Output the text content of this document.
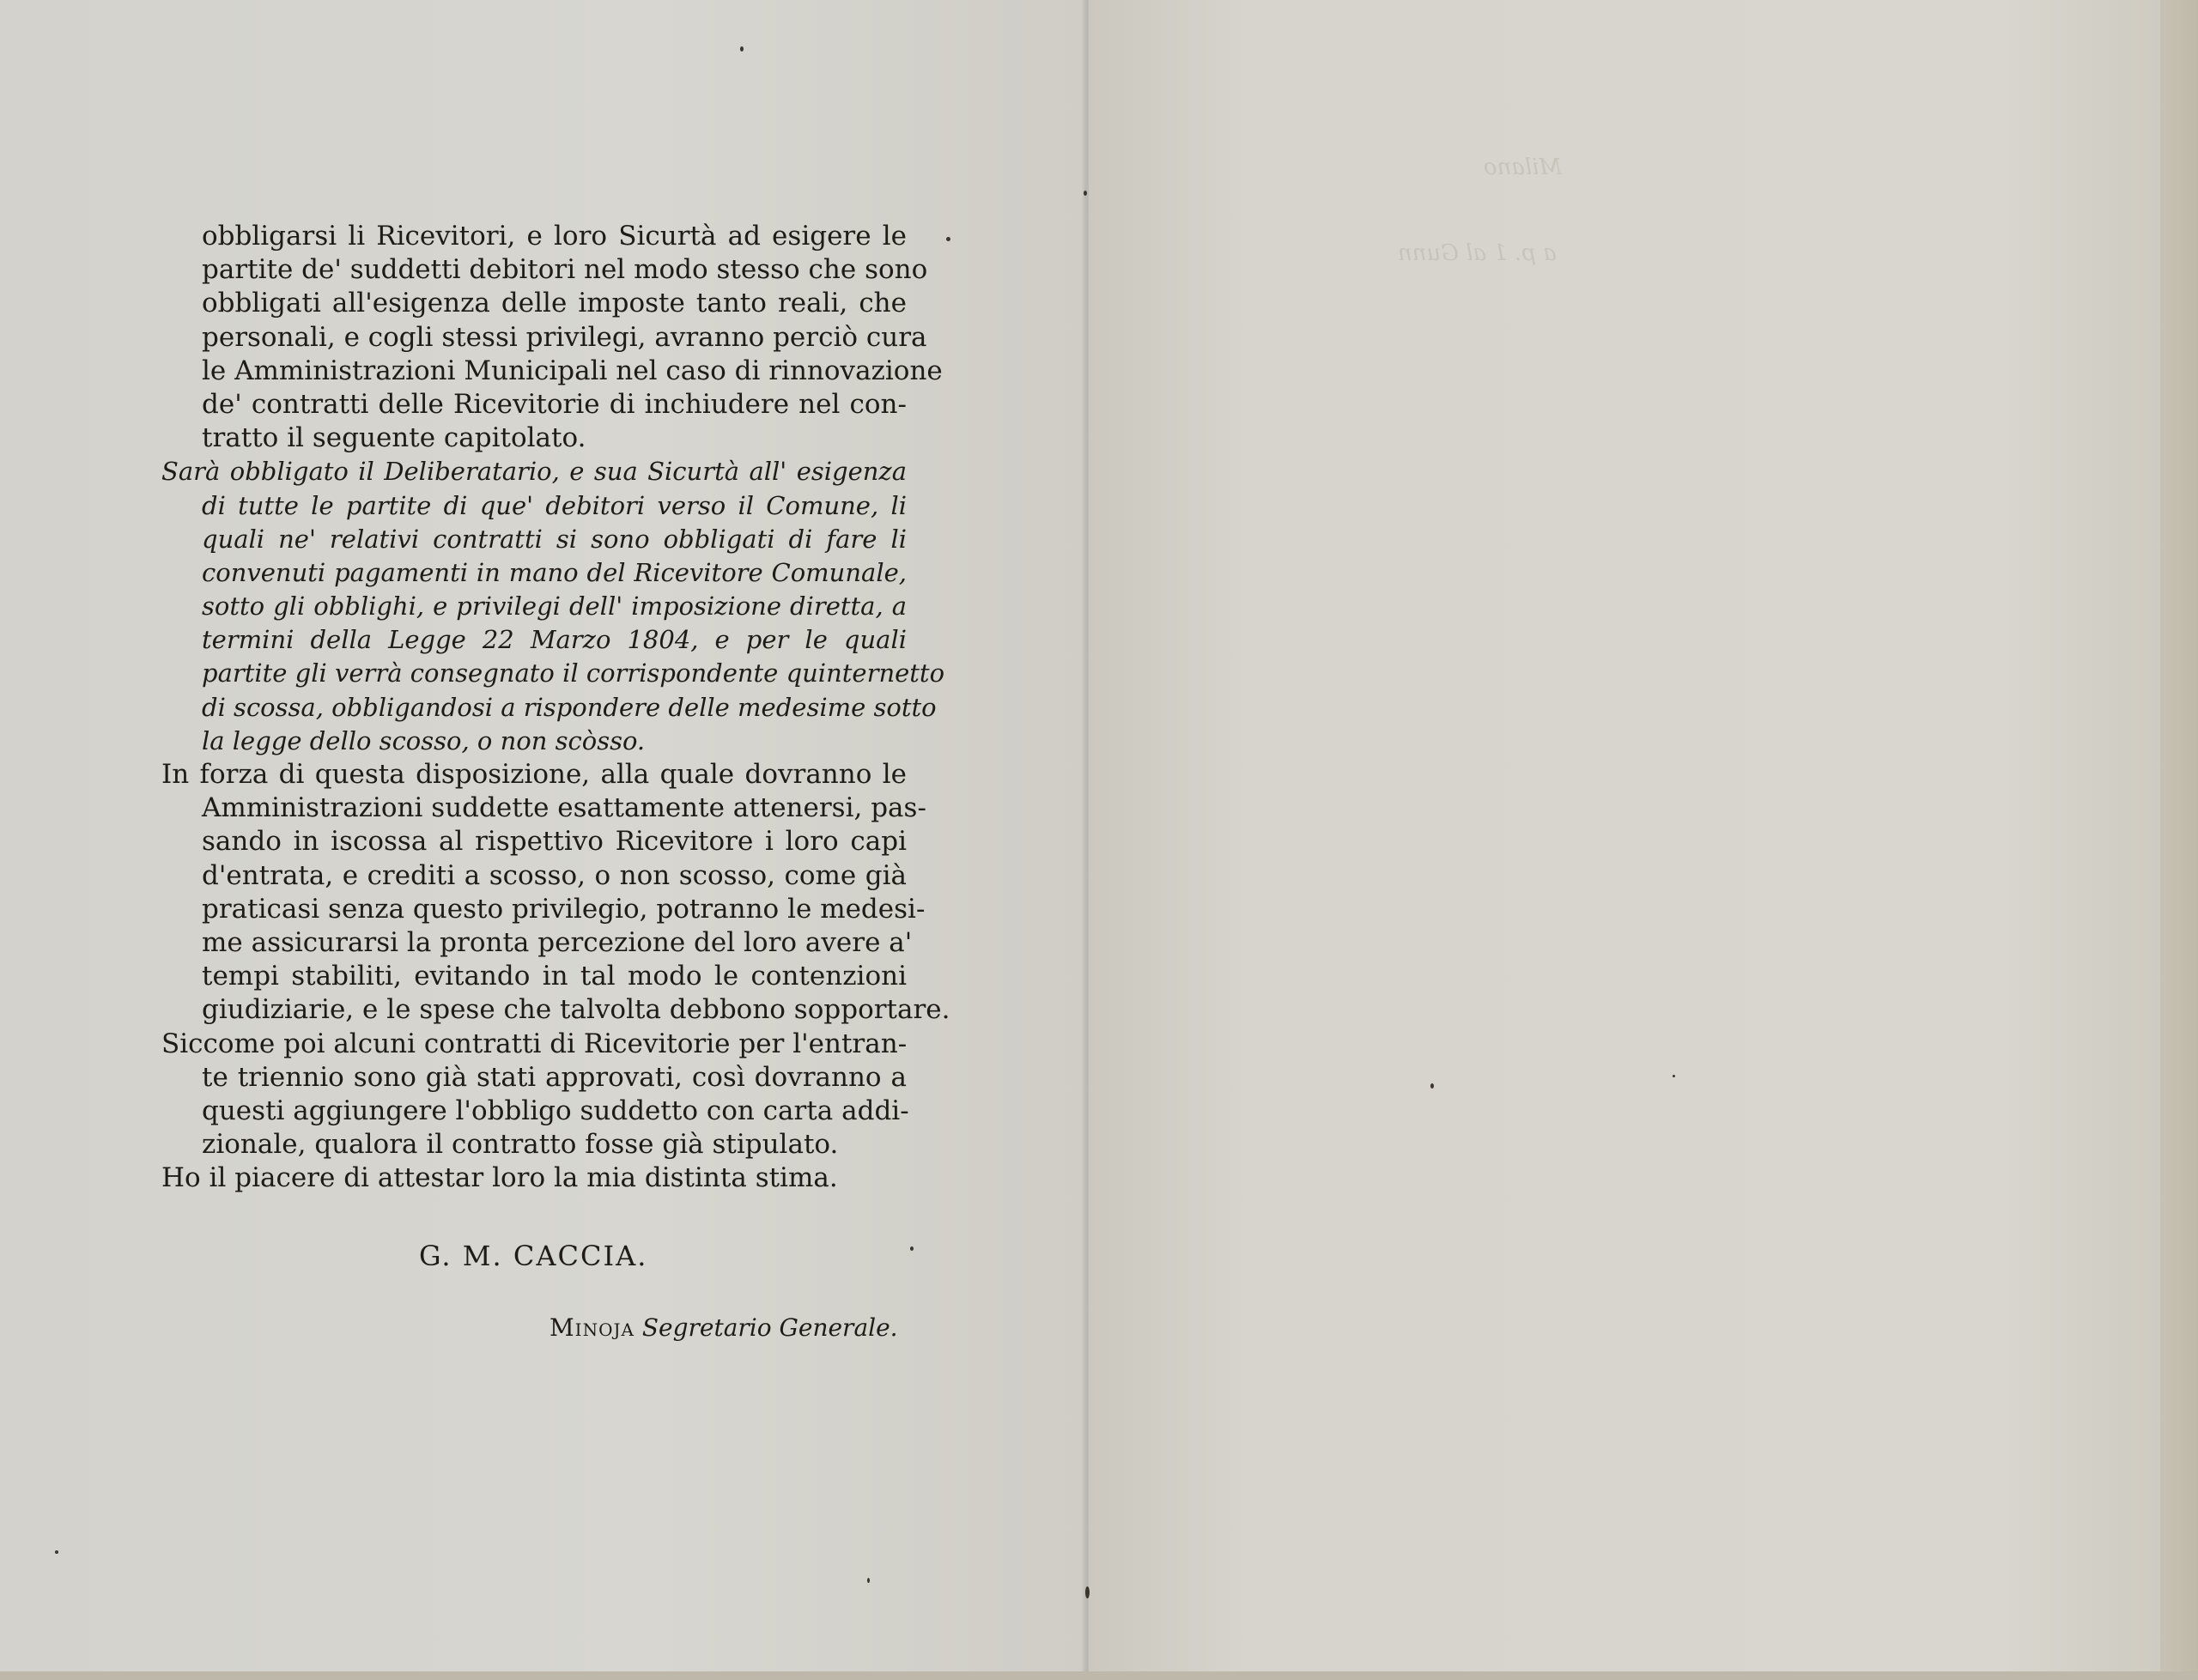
obbligarsi li Ricevitori, e loro Sicurtà ad esigere le
partite de' suddetti debitori nel modo stesso che sono
obbligati all'esigenza delle imposte tanto reali, che
personali, e cogli stessi privilegi, avranno perciò cura
le Amministrazioni Municipali nel caso di rinnovazione
de' contratti delle Ricevitorie di inchiudere nel con-
tratto il seguente capitolato.
Sarà obbligato il Deliberatario, e sua Sicurtà all' esigenza
di tutte le partite di que' debitori verso il Comune, li
quali ne' relativi contratti si sono obbligati di fare li
convenuti pagamenti in mano del Ricevitore Comunale,
sotto gli obblighi, e privilegi dell' imposizione diretta, a
termini della Legge 22 Marzo 1804, e per le quali
partite gli verrà consegnato il corrispondente quinternetto
di scossa, obbligandosi a rispondere delle medesime sotto
la legge dello scosso, o non scòsso.
In forza di questa disposizione, alla quale dovranno le
Amministrazioni suddette esattamente attenersi, pas-
sando in iscossa al rispettivo Ricevitore i loro capi
d'entrata, e crediti a scosso, o non scosso, come già
praticasi senza questo privilegio, potranno le medesi-
me assicurarsi la pronta percezione del loro avere a'
tempi stabiliti, evitando in tal modo le contenzioni
giudiziarie, e le spese che talvolta debbono sopportare.
Siccome poi alcuni contratti di Ricevitorie per l'entran-
te triennio sono già stati approvati, così dovranno a
questi aggiungere l'obbligo suddetto con carta addi-
zionale, qualora il contratto fosse già stipulato.
Ho il piacere di attestar loro la mia distinta stima.
G. M. CACCIA.
Minoja Segretario Generale.
a p. 1 al Gunn
Milano
